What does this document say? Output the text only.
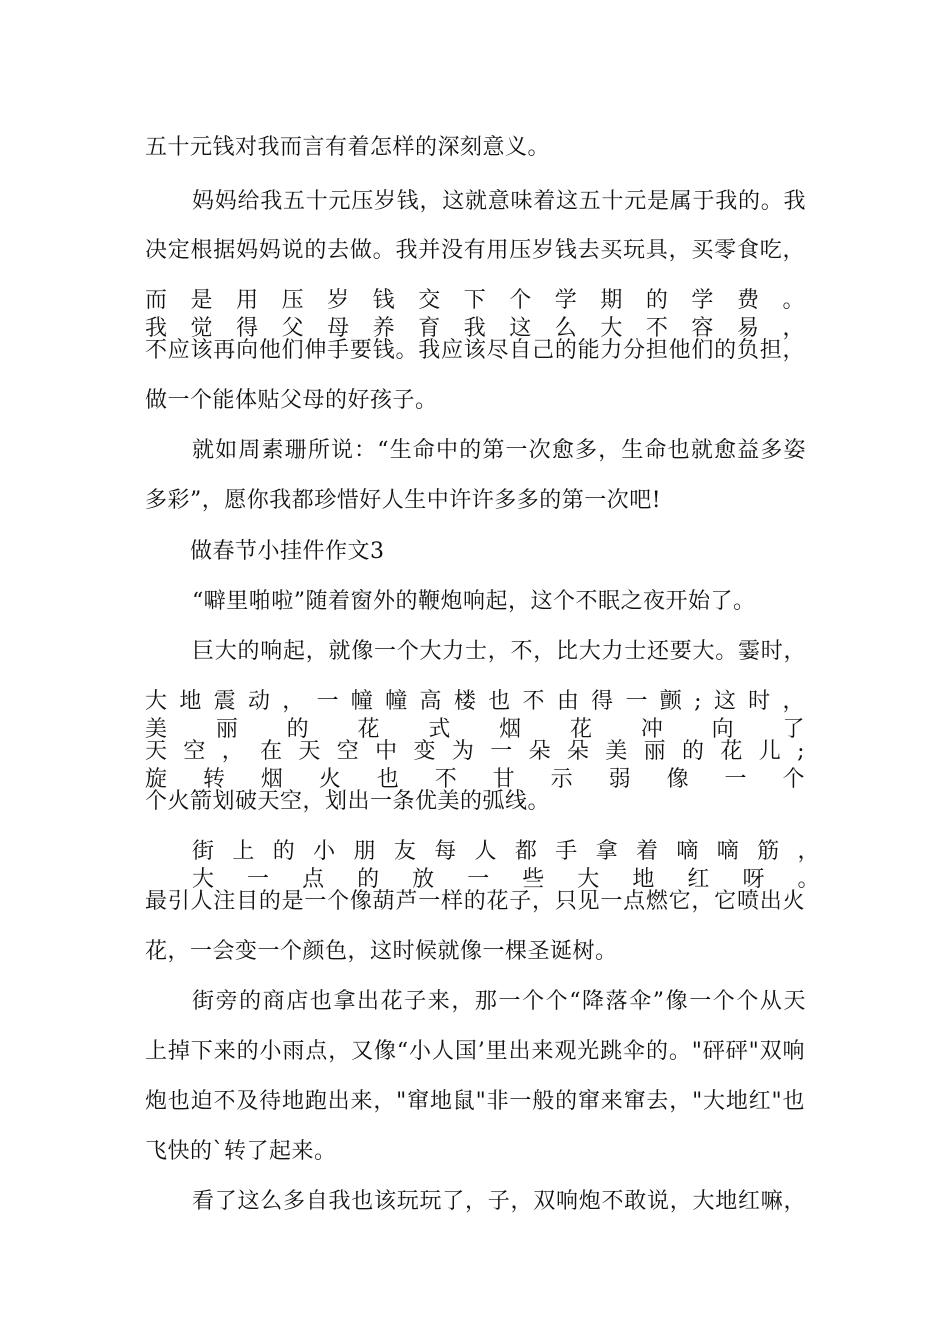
五十元钱对我而言有着怎样的深刻意义。

妈妈给我五十元压岁钱，这就意味着这五十元是属于我的。我

决定根据妈妈说的去做。我并没有用压岁钱去买玩具，买零食吃，

而是用压岁钱交下个学期的学费。我觉得父母养育我这么大不容易，

不应该再向他们伸手要钱。我应该尽自己的能力分担他们的负担，

做一个能体贴父母的好孩子。

就如周素珊所说：“生命中的第一次愈多，生命也就愈益多姿

多彩”，愿你我都珍惜好人生中许许多多的第一次吧!

做春节小挂件作文3

“噼里啪啦”随着窗外的鞭炮响起，这个不眠之夜开始了。

巨大的响起，就像一个大力士，不，比大力士还要大。霎时，

大地震动，一幢幢高楼也不由得一颤;这时，美丽的花式烟花冲向了

天空，在天空中变为一朵朵美丽的花儿;旋转烟火也不甘示弱像一个

个火箭划破天空，划出一条优美的弧线。

街上的小朋友每人都手拿着嘀嘀筋，大一点的放一些大地红呀。

最引人注目的是一个像葫芦一样的花子，只见一点燃它，它喷出火

花，一会变一个颜色，这时候就像一棵圣诞树。

街旁的商店也拿出花子来，那一个个“降落伞”像一个个从天

上掉下来的小雨点，又像“小人国’里出来观光跳伞的。"砰砰"双响

炮也迫不及待地跑出来，"窜地鼠"非一般的窜来窜去，"大地红"也

飞快的`转了起来。

看了这么多自我也该玩玩了，子，双响炮不敢说，大地红嘛，
